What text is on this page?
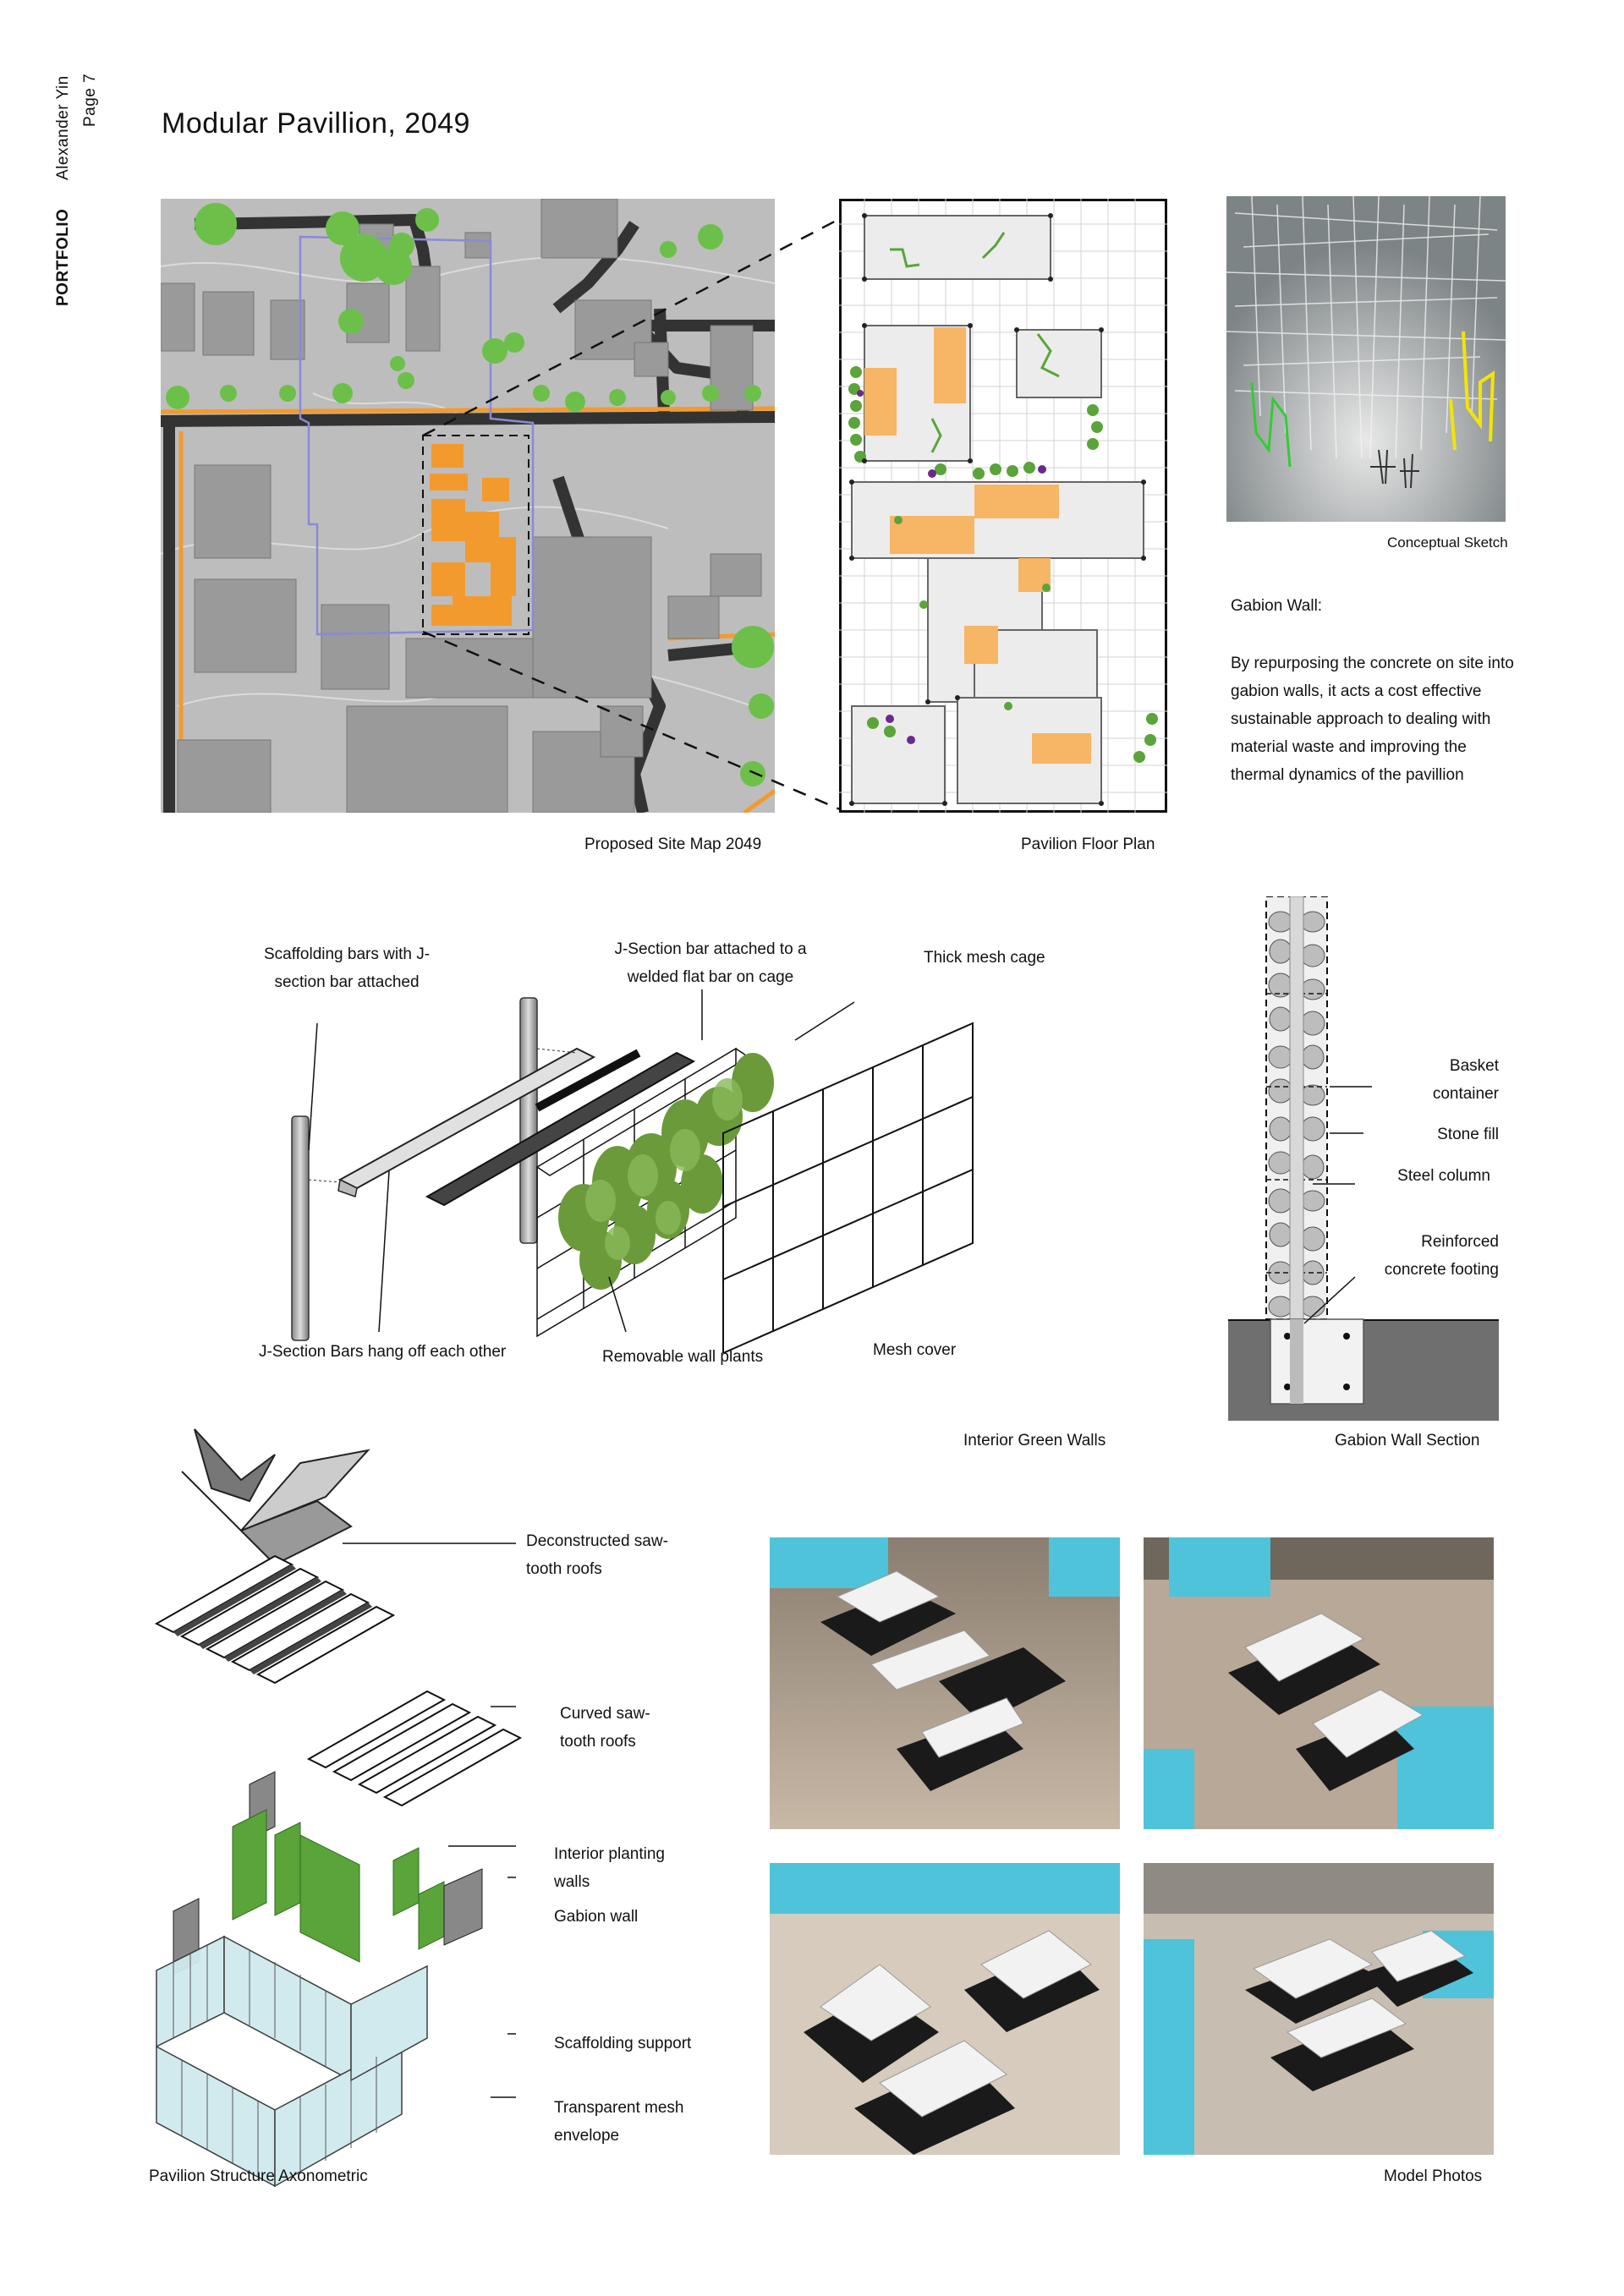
Alexander Yin Page 7
PORTFOLIO
Modular Pavillion, 2049
Conceptual Sketch
Gabion Wall:
By repurposing the concrete on site into gabion walls, it acts a cost effective sustainable approach to dealing with material waste and improving the thermal dynamics of the pavillion
Proposed Site Map 2049	Pavilion Floor Plan
Scaffolding bars with J-section bar attached
J-Section bar attached to a welded flat bar on cage
Thick mesh cage
J-Section Bars hang off each other	Removable wall plants	Mesh cover
Interior Green Walls
Basket container
Stone fill
Steel column
Reinforced concrete footing
Gabion Wall Section
Deconstructed saw-tooth roofs
Curved saw-tooth roofs
Interior planting walls
Gabion wall
Scaffolding support
Transparent mesh envelope
Pavilion Structure Axonometric	Model Photos
